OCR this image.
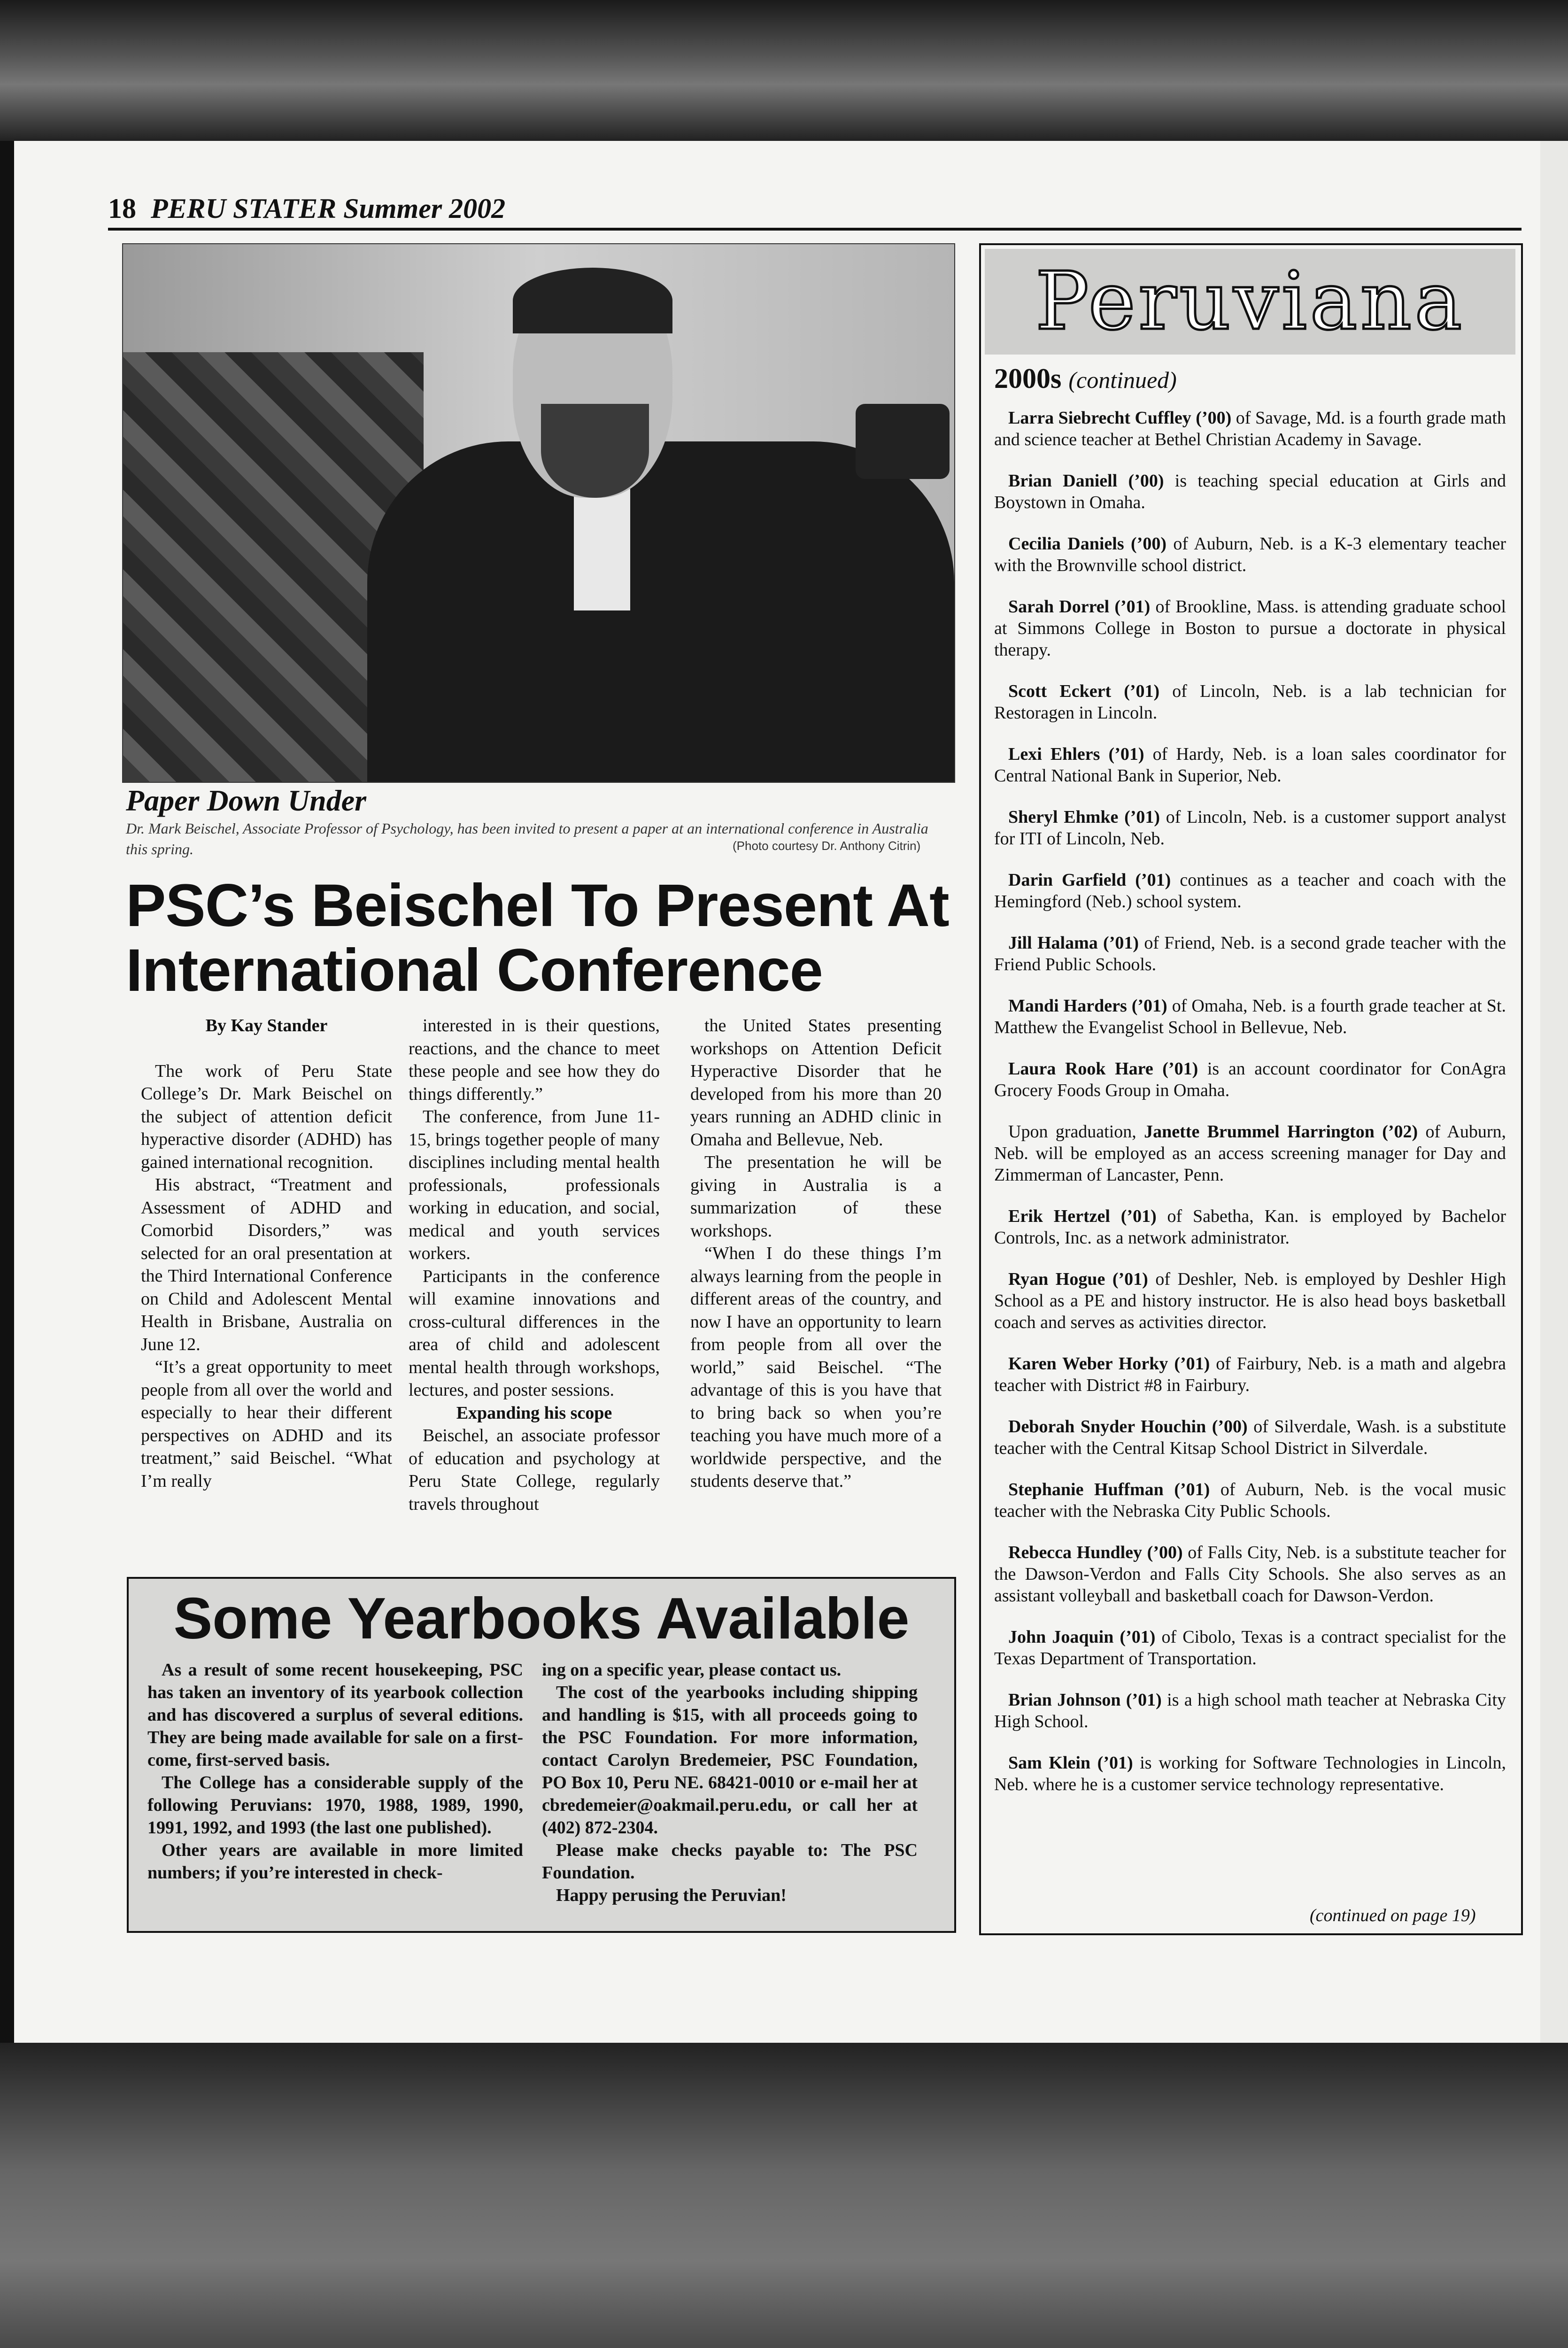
18 PERU STATER Summer 2002
Paper Down Under
Dr. Mark Beischel, Associate Professor of Psychology, has been invited to present a paper at an international conference in Australia this spring.	(Photo courtesy Dr. Anthony Citrin)
PSC’s Beischel To Present At International Conference

By Kay Stander

The work of Peru State College’s Dr. Mark Beischel on the subject of attention deficit hyperactive disorder (ADHD) has gained international recognition.

His abstract, “Treatment and Assessment of ADHD and Comorbid Disorders,” was selected for an oral presentation at the Third International Conference on Child and Adolescent Mental Health in Brisbane, Australia on June 12.

“It’s a great opportunity to meet people from all over the world and especially to hear their different perspectives on ADHD and its treatment,” said Beischel. “What I’m really

interested in is their questions, reactions, and the chance to meet these people and see how they do things differently.”

The conference, from June 11-15, brings together people of many disciplines including mental health professionals, professionals working in education, and social, medical and youth services workers.

Participants in the conference will examine innovations and cross-cultural differences in the area of child and adolescent mental health through workshops, lectures, and poster sessions.

Expanding his scope

Beischel, an associate professor of education and psychology at Peru State College, regularly travels throughout

the United States presenting workshops on Attention Deficit Hyperactive Disorder that he developed from his more than 20 years running an ADHD clinic in Omaha and Bellevue, Neb.

The presentation he will be giving in Australia is a summarization of these workshops.

“When I do these things I’m always learning from the people in different areas of the country, and now I have an opportunity to learn from people from all over the world,” said Beischel. “The advantage of this is you have that to bring back so when you’re teaching you have much more of a worldwide perspective, and the students deserve that.”

Some Yearbooks Available

As a result of some recent housekeeping, PSC has taken an inventory of its yearbook collection and has discovered a surplus of several editions. They are being made available for sale on a first-come, first-served basis.

The College has a considerable supply of the following Peruvians: 1970, 1988, 1989, 1990, 1991, 1992, and 1993 (the last one published).

Other years are available in more limited numbers; if you’re interested in check-

ing on a specific year, please contact us.

The cost of the yearbooks including shipping and handling is $15, with all proceeds going to the PSC Foundation. For more information, contact Carolyn Bredemeier, PSC Foundation, PO Box 10, Peru NE. 68421-0010 or e-mail her at cbredemeier@oakmail.peru.edu, or call her at (402) 872-2304.

Please make checks payable to: The PSC Foundation.

Happy perusing the Peruvian!

Peruviana
2000s (continued)

Larra Siebrecht Cuffley (’00) of Savage, Md. is a fourth grade math and science teacher at Bethel Christian Academy in Savage.

Brian Daniell (’00) is teaching special education at Girls and Boystown in Omaha.

Cecilia Daniels (’00) of Auburn, Neb. is a K-3 elementary teacher with the Brownville school district.

Sarah Dorrel (’01) of Brookline, Mass. is attending graduate school at Simmons College in Boston to pursue a doctorate in physical therapy.

Scott Eckert (’01) of Lincoln, Neb. is a lab technician for Restoragen in Lincoln.

Lexi Ehlers (’01) of Hardy, Neb. is a loan sales coordinator for Central National Bank in Superior, Neb.

Sheryl Ehmke (’01) of Lincoln, Neb. is a customer support analyst for ITI of Lincoln, Neb.

Darin Garfield (’01) continues as a teacher and coach with the Hemingford (Neb.) school system.

Jill Halama (’01) of Friend, Neb. is a second grade teacher with the Friend Public Schools.

Mandi Harders (’01) of Omaha, Neb. is a fourth grade teacher at St. Matthew the Evangelist School in Bellevue, Neb.

Laura Rook Hare (’01) is an account coordinator for ConAgra Grocery Foods Group in Omaha.

Upon graduation, Janette Brummel Harrington (’02) of Auburn, Neb. will be employed as an access screening manager for Day and Zimmerman of Lancaster, Penn.

Erik Hertzel (’01) of Sabetha, Kan. is employed by Bachelor Controls, Inc. as a network administrator.

Ryan Hogue (’01) of Deshler, Neb. is employed by Deshler High School as a PE and history instructor. He is also head boys basketball coach and serves as activities director.

Karen Weber Horky (’01) of Fairbury, Neb. is a math and algebra teacher with District #8 in Fairbury.

Deborah Snyder Houchin (’00) of Silverdale, Wash. is a substitute teacher with the Central Kitsap School District in Silverdale.

Stephanie Huffman (’01) of Auburn, Neb. is the vocal music teacher with the Nebraska City Public Schools.

Rebecca Hundley (’00) of Falls City, Neb. is a substitute teacher for the Dawson-Verdon and Falls City Schools. She also serves as an assistant volleyball and basketball coach for Dawson-Verdon.

John Joaquin (’01) of Cibolo, Texas is a contract specialist for the Texas Department of Transportation.

Brian Johnson (’01) is a high school math teacher at Nebraska City High School.

Sam Klein (’01) is working for Software Technologies in Lincoln, Neb. where he is a customer service technology representative.

(continued on page 19)
